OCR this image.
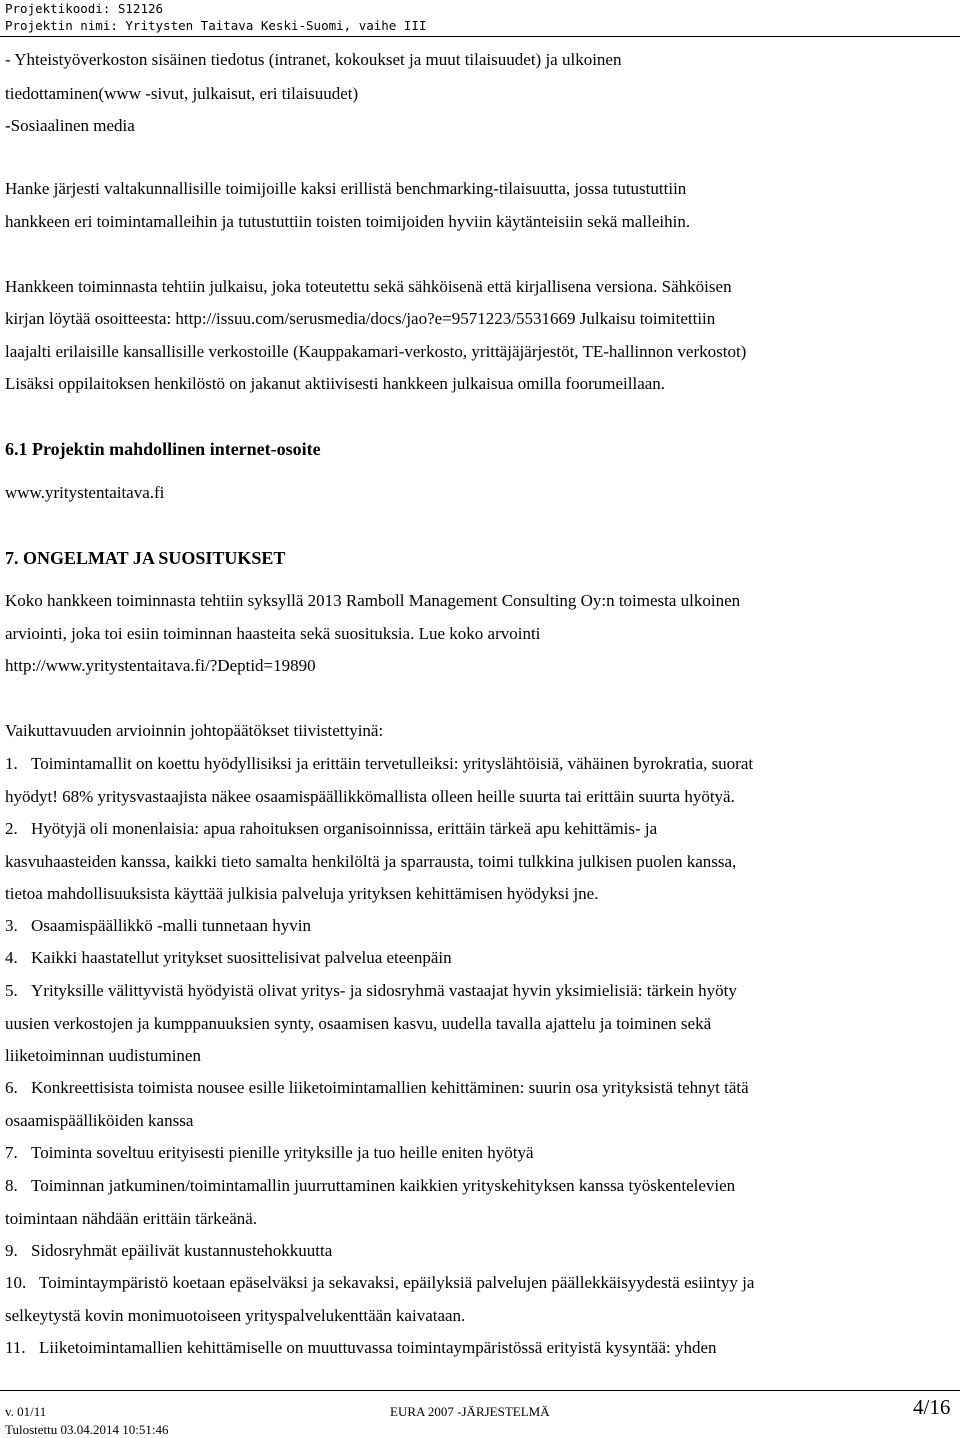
Projektikoodi: S12126
Projektin nimi: Yritysten Taitava Keski-Suomi, vaihe III
- Yhteistyöverkoston sisäinen tiedotus (intranet, kokoukset ja muut tilaisuudet) ja ulkoinen
tiedottaminen(www -sivut, julkaisut, eri tilaisuudet)
-Sosiaalinen media
Hanke järjesti valtakunnallisille toimijoille kaksi erillistä benchmarking-tilaisuutta, jossa tutustuttiin
hankkeen eri toimintamalleihin ja tutustuttiin toisten toimijoiden hyviin käytänteisiin sekä malleihin.
Hankkeen toiminnasta tehtiin julkaisu, joka toteutettu sekä sähköisenä että kirjallisena versiona. Sähköisen
kirjan löytää osoitteesta: http://issuu.com/serusmedia/docs/jao?e=9571223/5531669 Julkaisu toimitettiin
laajalti erilaisille kansallisille verkostoille (Kauppakamari-verkosto, yrittäjäjärjestöt, TE-hallinnon verkostot)
Lisäksi oppilaitoksen henkilöstö on jakanut aktiivisesti hankkeen julkaisua omilla foorumeillaan.
6.1 Projektin mahdollinen internet-osoite
www.yritystentaitava.fi
7. ONGELMAT JA SUOSITUKSET
Koko hankkeen toiminnasta tehtiin syksyllä 2013 Ramboll Management Consulting Oy:n toimesta ulkoinen
arviointi, joka toi esiin toiminnan haasteita sekä suosituksia. Lue koko arvointi
http://www.yritystentaitava.fi/?Deptid=19890
Vaikuttavuuden arvioinnin johtopäätökset tiivistettyinä:
1. Toimintamallit on koettu hyödyllisiksi ja erittäin tervetulleiksi: yrityslähtöisiä, vähäinen byrokratia, suorat
hyödyt! 68% yritysvastaajista näkee osaamispäällikkömallista olleen heille suurta tai erittäin suurta hyötyä.
2. Hyötyjä oli monenlaisia: apua rahoituksen organisoinnissa, erittäin tärkeä apu kehittämis- ja
kasvuhaasteiden kanssa, kaikki tieto samalta henkilöltä ja sparrausta, toimi tulkkina julkisen puolen kanssa,
tietoa mahdollisuuksista käyttää julkisia palveluja yrityksen kehittämisen hyödyksi jne.
3. Osaamispäällikkö -malli tunnetaan hyvin
4. Kaikki haastatellut yritykset suosittelisivat palvelua eteenpäin
5. Yrityksille välittyvistä hyödyistä olivat yritys- ja sidosryhmä vastaajat hyvin yksimielisiä: tärkein hyöty
uusien verkostojen ja kumppanuuksien synty, osaamisen kasvu, uudella tavalla ajattelu ja toiminen sekä
liiketoiminnan uudistuminen
6. Konkreettisista toimista nousee esille liiketoimintamallien kehittäminen: suurin osa yrityksistä tehnyt tätä
osaamispäälliköiden kanssa
7. Toiminta soveltuu erityisesti pienille yrityksille ja tuo heille eniten hyötyä
8. Toiminnan jatkuminen/toimintamallin juurruttaminen kaikkien yrityskehityksen kanssa työskentelevien
toimintaan nähdään erittäin tärkeänä.
9. Sidosryhmät epäilivät kustannustehokkuutta
10. Toimintaympäristö koetaan epäselväksi ja sekavaksi, epäilyksiä palvelujen päällekkäisyydestä esiintyy ja
selkeytystä kovin monimuotoiseen yrityspalvelukenttään kaivataan.
11. Liiketoimintamallien kehittämiselle on muuttuvassa toimintaympäristössä erityistä kysyntää: yhden
v. 01/11
Tulostettu 03.04.2014 10:51:46
EURA 2007 -JÄRJESTELMÄ	4/16
